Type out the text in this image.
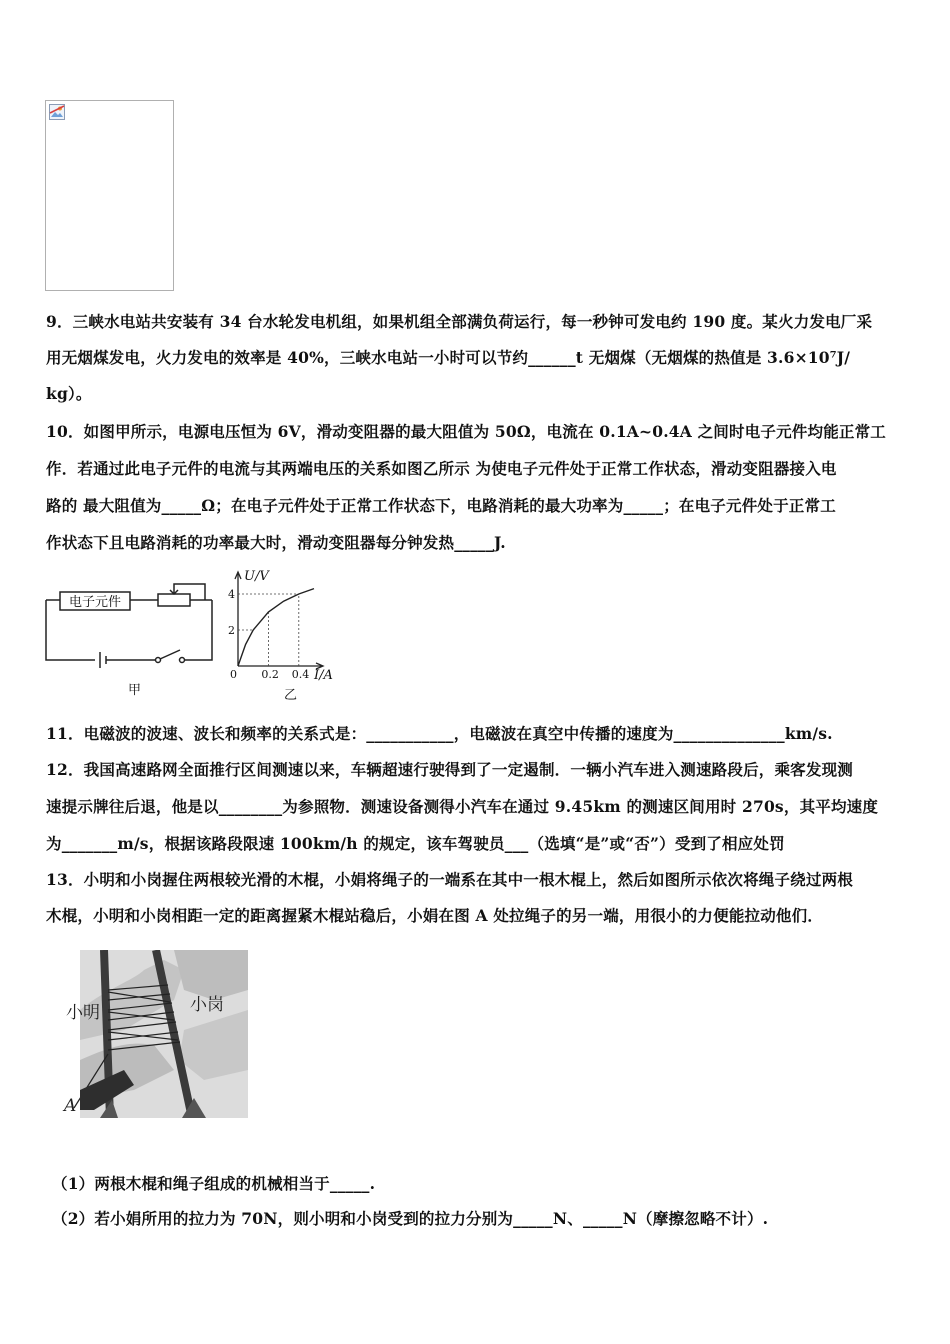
9．三峡水电站共安装有 34 台水轮发电机组，如果机组全部满负荷运行，每一秒钟可发电约 190 度。某火力发电厂采
用无烟煤发电，火力发电的效率是 40%，三峡水电站一小时可以节约______t 无烟煤（无烟煤的热值是 3.6×10⁷J/
kg）。
10．如图甲所示，电源电压恒为 6V，滑动变阻器的最大阻值为 50Ω，电流在 0.1A~0.4A 之间时电子元件均能正常工
作．若通过此电子元件的电流与其两端电压的关系如图乙所示 为使电子元件处于正常工作状态，滑动变阻器接入电
路的 最大阻值为_____Ω；在电子元件处于正常工作状态下，电路消耗的最大功率为_____；在电子元件处于正常工
作状态下且电路消耗的功率最大时，滑动变阻器每分钟发热_____J.
电子元件
甲
0.2 0.4
2
4
U/V
I/A
0
乙
11．电磁波的波速、波长和频率的关系式是：___________，电磁波在真空中传播的速度为______________km/s.
12．我国高速路网全面推行区间测速以来，车辆超速行驶得到了一定遏制．一辆小汽车进入测速路段后，乘客发现测
速提示牌往后退，他是以________为参照物．测速设备测得小汽车在通过 9.45km 的测速区间用时 270s，其平均速度
为_______m/s，根据该路段限速 100km/h 的规定，该车驾驶员___（选填“是”或“否”）受到了相应处罚
13．小明和小岗握住两根较光滑的木棍，小娟将绳子的一端系在其中一根木棍上，然后如图所示依次将绳子绕过两根
木棍，小明和小岗相距一定的距离握紧木棍站稳后，小娟在图 A 处拉绳子的另一端，用很小的力便能拉动他们．
小明	小岗
A
（1）两根木棍和绳子组成的机械相当于_____.
（2）若小娟所用的拉力为 70N，则小明和小岗受到的拉力分别为_____N、_____N（摩擦忽略不计）.
